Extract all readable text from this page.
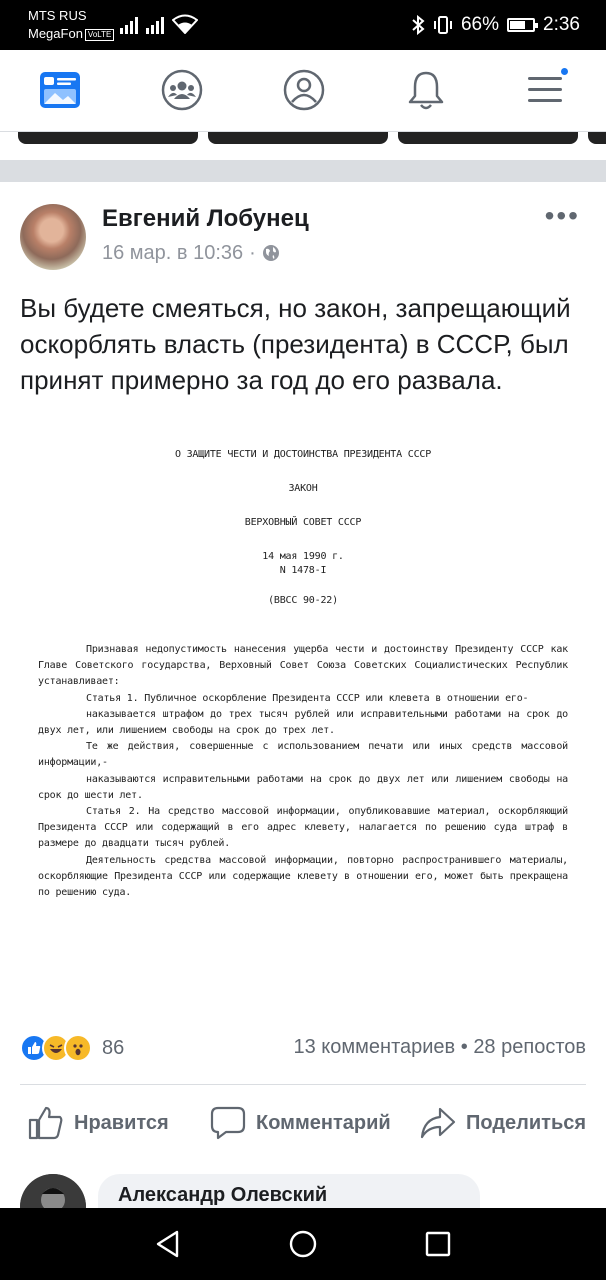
MTS RUS
MegaFon VoLTE	66% 2:36
Евгений Лобунец
16 мар. в 10:36 ·
•••
Вы будете смеяться, но закон, запрещающий оскорблять власть (президента) в СССР, был принят примерно за год до его развала.
О ЗАЩИТЕ ЧЕСТИ И ДОСТОИНСТВА ПРЕЗИДЕНТА СССР
ЗАКОН
ВЕРХОВНЫЙ СОВЕТ СССР
14 мая 1990 г.
N 1478-I
(ВВСС 90-22)

Признавая недопустимость нанесения ущерба чести и достоинству Президенту СССР как Главе Советского государства, Верховный Совет Союза Советских Социалистических Республик устанавливает:

Статья 1. Публичное оскорбление Президента СССР или клевета в отношении его-

наказывается штрафом до трех тысяч рублей или исправительными работами на срок до двух лет, или лишением свободы на срок до трех лет.

Те же действия, совершенные с использованием печати или иных средств массовой информации,-

наказываются исправительными работами на срок до двух лет или лишением свободы на срок до шести лет.

Статья 2. На средство массовой информации, опубликовавшие материал, оскорбляющий Президента СССР или содержащий в его адрес клевету, налагается по решению суда штраф в размере до двадцати тысяч рублей.

Деятельность средства массовой информации, повторно распространившего материалы, оскорбляющие Президента СССР или содержащие клевету в отношении его, может быть прекращена по решению суда.

86	13 комментариев • 28 репостов
Нравится	Комментарий	Поделиться
Александр Олевский
